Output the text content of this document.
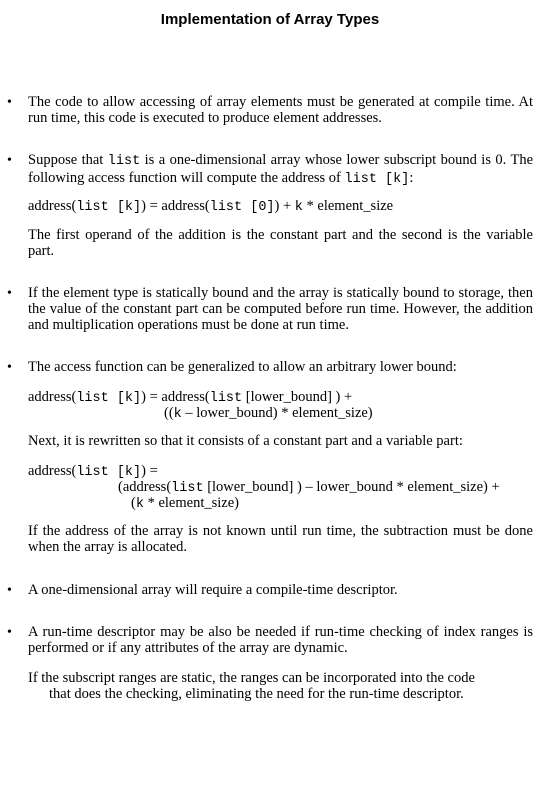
Implementation of Array Types
• The code to allow accessing of array elements must be generated at compile time. At run time, this code is executed to produce element addresses.
• Suppose that list is a one-dimensional array whose lower subscript bound is 0. The following access function will compute the address of list [k]:
address(list [k]) = address(list [0]) + k * element_size
The first operand of the addition is the constant part and the second is the variable part.
• If the element type is statically bound and the array is statically bound to storage, then the value of the constant part can be computed before run time. However, the addition and multiplication operations must be done at run time.
• The access function can be generalized to allow an arbitrary lower bound:
address(list [k]) = address(list [lower_bound] ) +
((k – lower_bound) * element_size)
Next, it is rewritten so that it consists of a constant part and a variable part:
address(list [k]) =
(address(list [lower_bound] ) – lower_bound * element_size) +
(k * element_size)
If the address of the array is not known until run time, the subtraction must be done when the array is allocated.
• A one-dimensional array will require a compile-time descriptor.
• A run-time descriptor may be also be needed if run-time checking of index ranges is performed or if any attributes of the array are dynamic.
If the subscript ranges are static, the ranges can be incorporated into the code
that does the checking, eliminating the need for the run-time descriptor.
